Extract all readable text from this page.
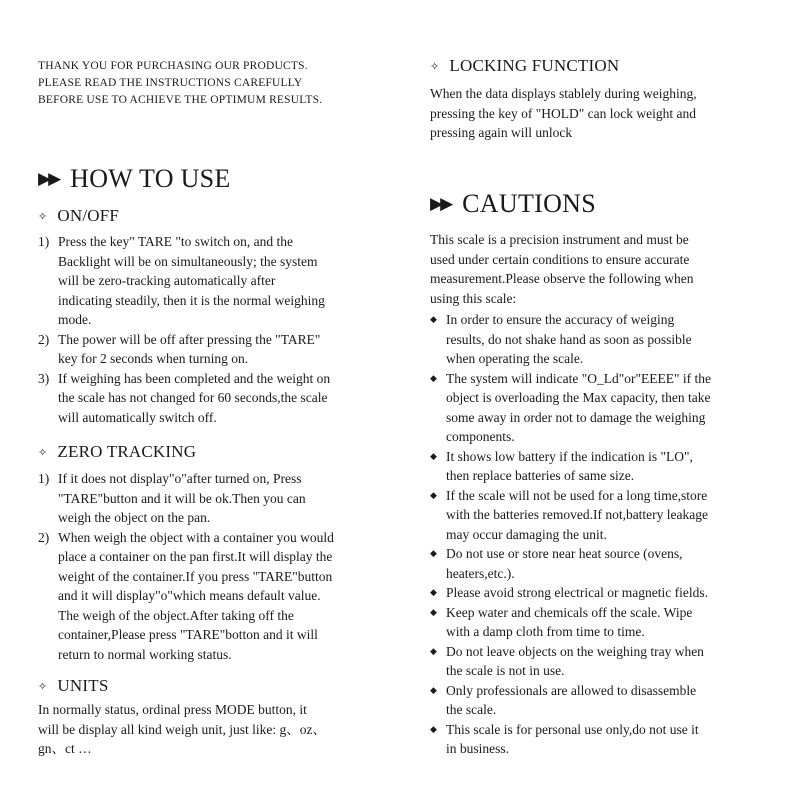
THANK YOU FOR PURCHASING OUR PRODUCTS.
PLEASE READ THE INSTRUCTIONS CAREFULLY
BEFORE USE TO ACHIEVE THE OPTIMUM RESULTS.
▶▶ HOW TO USE
✧ ON/OFF
1) Press the key" TARE "to switch on, and the
Backlight will be on simultaneously; the system
will be zero-tracking automatically after
indicating steadily, then it is the normal weighing
mode.
2) The power will be off after pressing the "TARE"
key for 2 seconds when turning on.
3) If weighing has been completed and the weight on
the scale has not changed for 60 seconds,the scale
will automatically switch off.
✧ ZERO TRACKING
1) If it does not display"o"after turned on, Press
"TARE"button and it will be ok.Then you can
weigh the object on the pan.
2) When weigh the object with a container you would
place a container on the pan first.It will display the
weight of the container.If you press "TARE"button
and it will display"o"which means default value.
The weigh of the object.After taking off the
container,Please press "TARE"botton and it will
return to normal working status.
✧ UNITS
In normally status, ordinal press MODE button, it
will be display all kind weigh unit, just like: g、oz、
gn、ct …
✧ LOCKING FUNCTION
When the data displays stablely during weighing,
pressing the key of "HOLD" can lock weight and
pressing again will unlock
▶▶ CAUTIONS
This scale is a precision instrument and must be
used under certain conditions to ensure accurate
measurement.Please observe the following when
using this scale:
◆ In order to ensure the accuracy of weiging
results, do not shake hand as soon as possible
when operating the scale.
◆ The system will indicate "O_Ld"or"EEEE" if the
object is overloading the Max capacity, then take
some away in order not to damage the weighing
components.
◆ It shows low battery if the indication is "LO",
then replace batteries of same size.
◆ If the scale will not be used for a long time,store
with the batteries removed.If not,battery leakage
may occur damaging the unit.
◆ Do not use or store near heat source (ovens,
heaters,etc.).
◆ Please avoid strong electrical or magnetic fields.
◆ Keep water and chemicals off the scale. Wipe
with a damp cloth from time to time.
◆ Do not leave objects on the weighing tray when
the scale is not in use.
◆ Only professionals are allowed to disassemble
the scale.
◆ This scale is for personal use only,do not use it
in business.
